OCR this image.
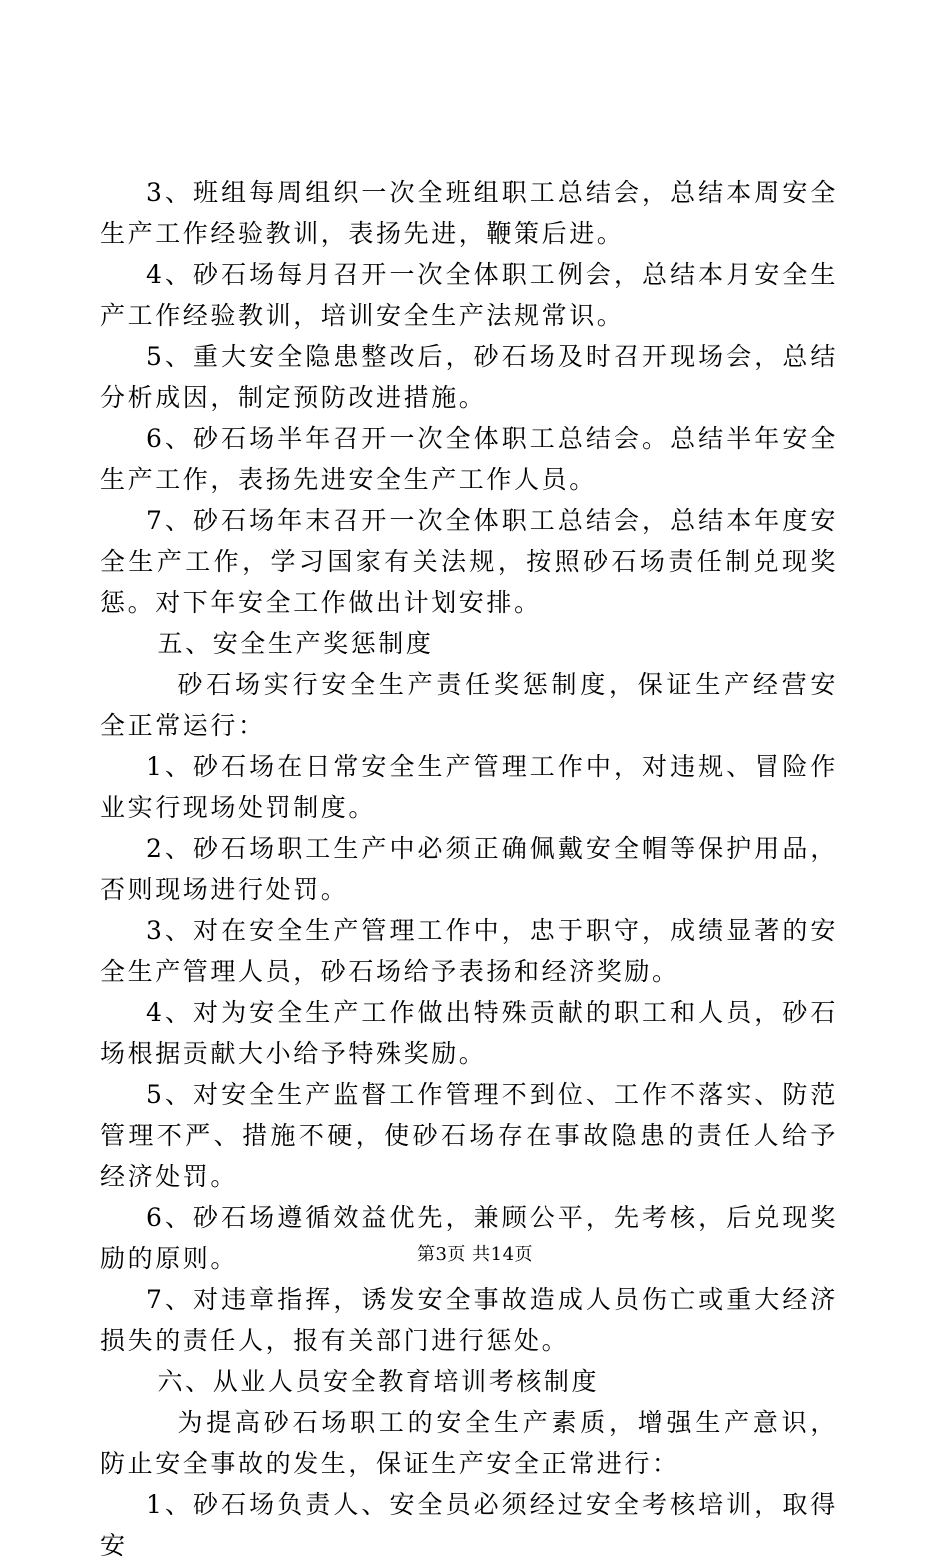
3、班组每周组织一次全班组职工总结会，总结本周安全生产工作经验教训，表扬先进，鞭策后进。

4、砂石场每月召开一次全体职工例会，总结本月安全生产工作经验教训，培训安全生产法规常识。

5、重大安全隐患整改后，砂石场及时召开现场会，总结分析成因，制定预防改进措施。

6、砂石场半年召开一次全体职工总结会。总结半年安全生产工作，表扬先进安全生产工作人员。

7、砂石场年末召开一次全体职工总结会，总结本年度安全生产工作，学习国家有关法规，按照砂石场责任制兑现奖惩。对下年安全工作做出计划安排。

五、安全生产奖惩制度

砂石场实行安全生产责任奖惩制度，保证生产经营安全正常运行：

1、砂石场在日常安全生产管理工作中，对违规、冒险作业实行现场处罚制度。

2、砂石场职工生产中必须正确佩戴安全帽等保护用品，否则现场进行处罚。

3、对在安全生产管理工作中，忠于职守，成绩显著的安全生产管理人员，砂石场给予表扬和经济奖励。

4、对为安全生产工作做出特殊贡献的职工和人员，砂石场根据贡献大小给予特殊奖励。

5、对安全生产监督工作管理不到位、工作不落实、防范管理不严、措施不硬，使砂石场存在事故隐患的责任人给予经济处罚。

6、砂石场遵循效益优先，兼顾公平，先考核，后兑现奖励的原则。

7、对违章指挥，诱发安全事故造成人员伤亡或重大经济损失的责任人，报有关部门进行惩处。

六、从业人员安全教育培训考核制度

为提高砂石场职工的安全生产素质，增强生产意识，防止安全事故的发生，保证生产安全正常进行：

1、砂石场负责人、安全员必须经过安全考核培训，取得安

第3页 共14页
